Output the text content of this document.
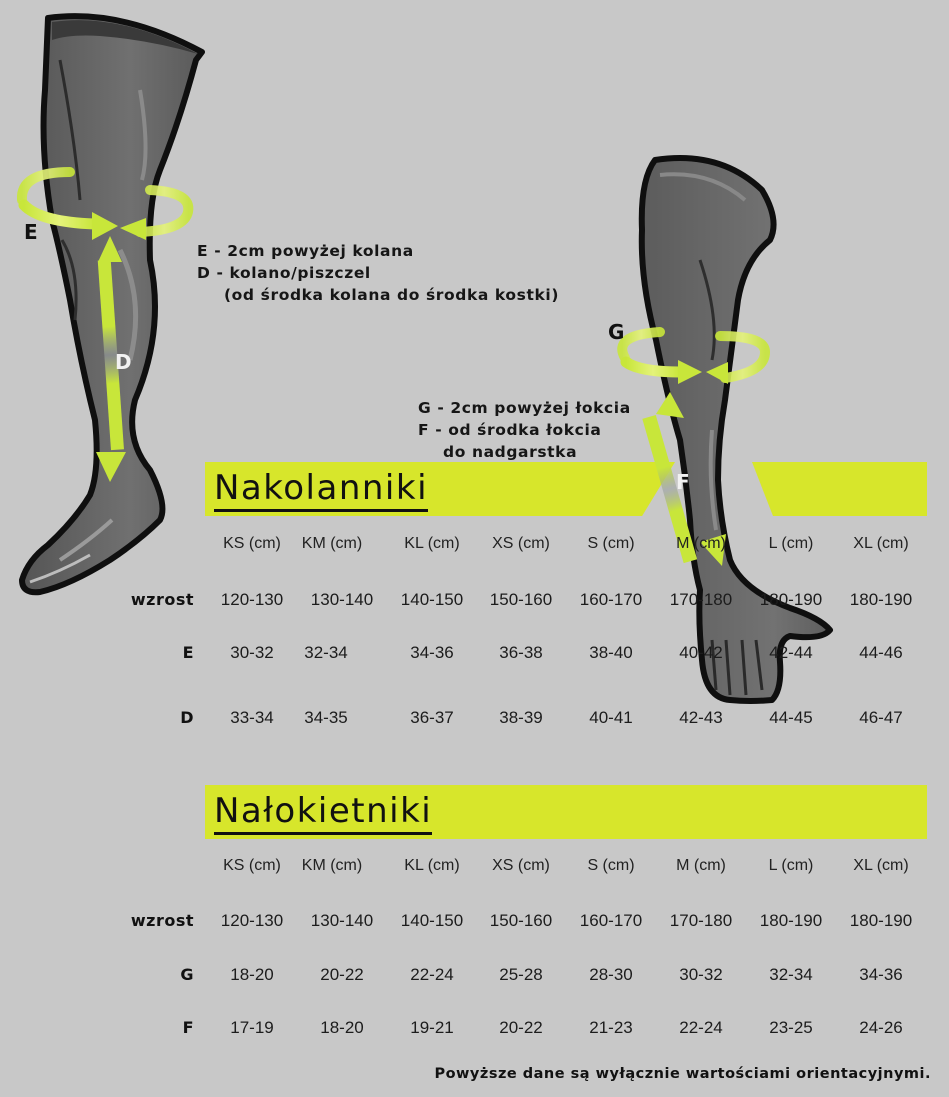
E
D
G
F
E - 2cm powyżej kolana
D - kolano/piszczel
(od środka kolana do środka kostki)
G - 2cm powyżej łokcia
F - od środka łokcia
do nadgarstka
Nakolanniki
Nałokietniki
KS (cm)	KM (cm)	KL (cm)	XS (cm)	S (cm)	M (cm)	L (cm)	XL (cm)
wzrost	120-130	130-140	140-150	150-160	160-170	170-180	180-190	180-190
E	30-32	32-34	34-36	36-38	38-40	40-42	42-44	44-46
D	33-34	34-35	36-37	38-39	40-41	42-43	44-45	46-47
KS (cm)	KM (cm)	KL (cm)	XS (cm)	S (cm)	M (cm)	L (cm)	XL (cm)
wzrost	120-130	130-140	140-150	150-160	160-170	170-180	180-190	180-190
G	18-20	20-22	22-24	25-28	28-30	30-32	32-34	34-36
F	17-19	18-20	19-21	20-22	21-23	22-24	23-25	24-26
Powyższe dane są wyłącznie wartościami orientacyjnymi.
